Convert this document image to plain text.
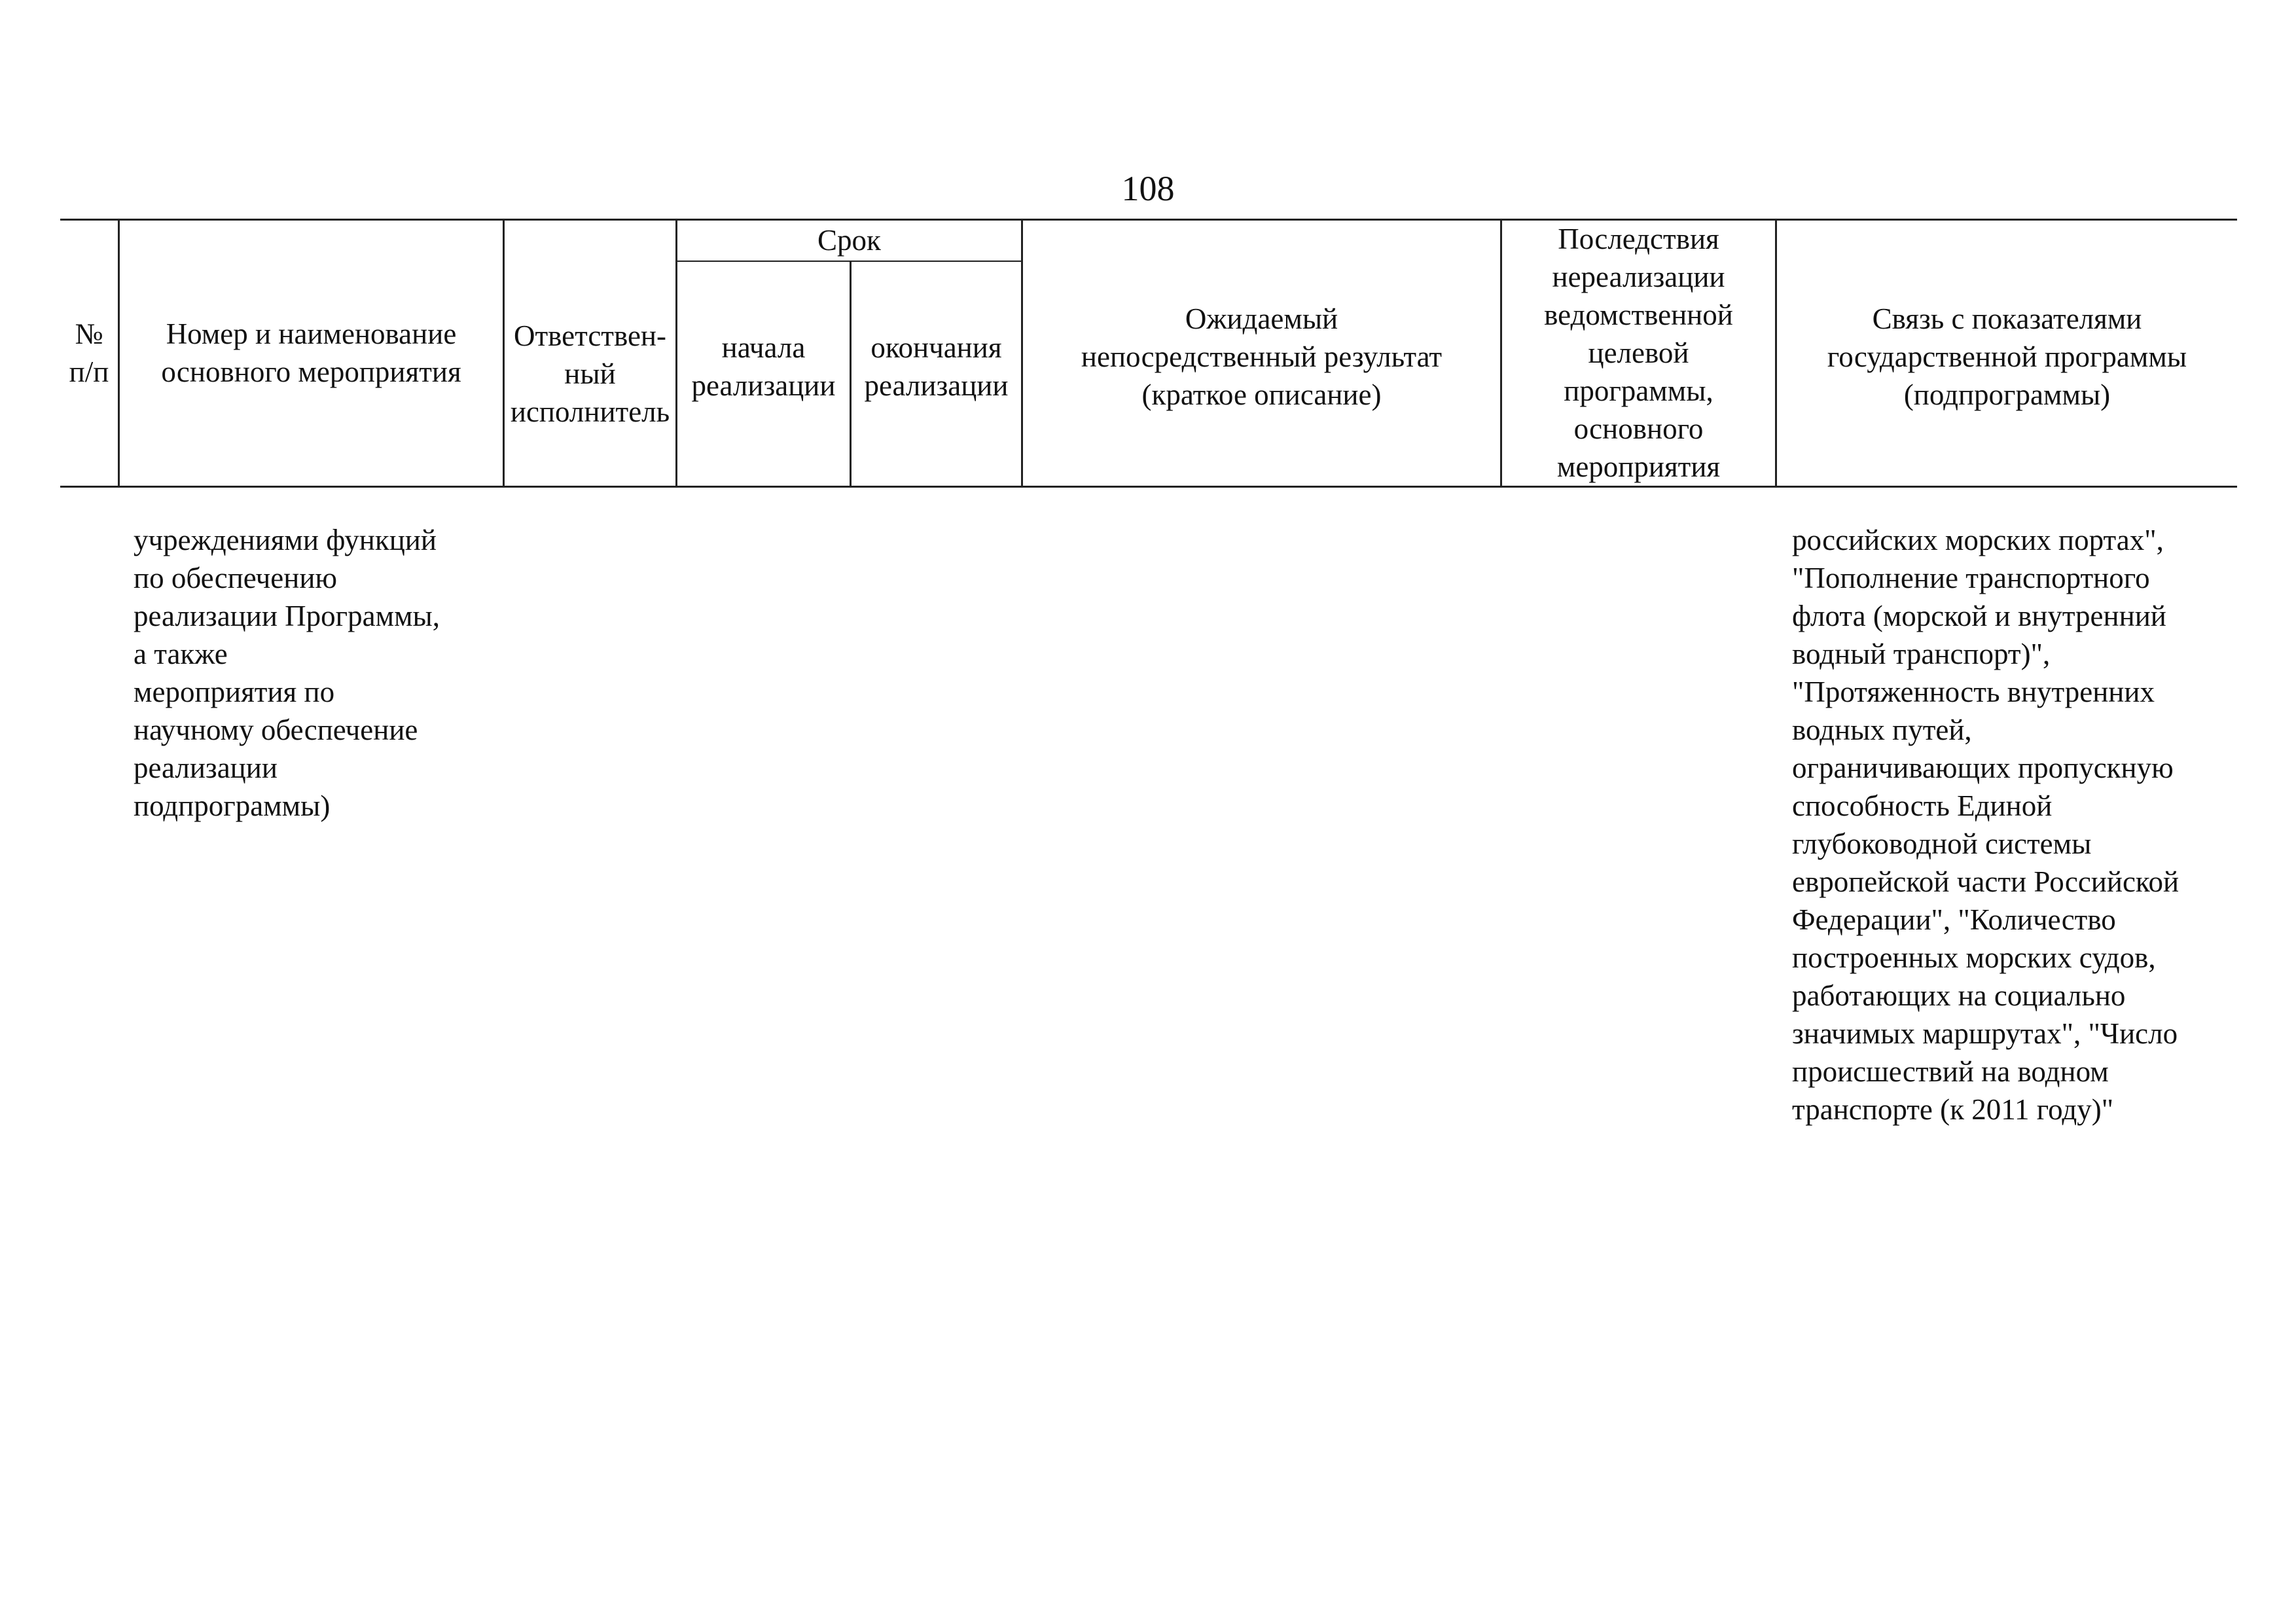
108
№
п/п
Номер и наименование
основного мероприятия
Ответствен-
ный
исполнитель
Срок
начала
реализации
окончания
реализации
Ожидаемый
непосредственный результат
(краткое описание)
Последствия
нереализации
ведомственной
целевой
программы,
основного
мероприятия
Связь с показателями
государственной программы
(подпрограммы)
учреждениями функций
по обеспечению
реализации Программы,
а также
мероприятия по
научному обеспечение
реализации
подпрограммы)
российских морских портах",
"Пополнение транспортного
флота (морской и внутренний
водный транспорт)",
"Протяженность внутренних
водных путей,
ограничивающих пропускную
способность Единой
глубоководной системы
европейской части Российской
Федерации", "Количество
построенных морских судов,
работающих на социально
значимых маршрутах", "Число
происшествий на водном
транспорте (к 2011 году)"
